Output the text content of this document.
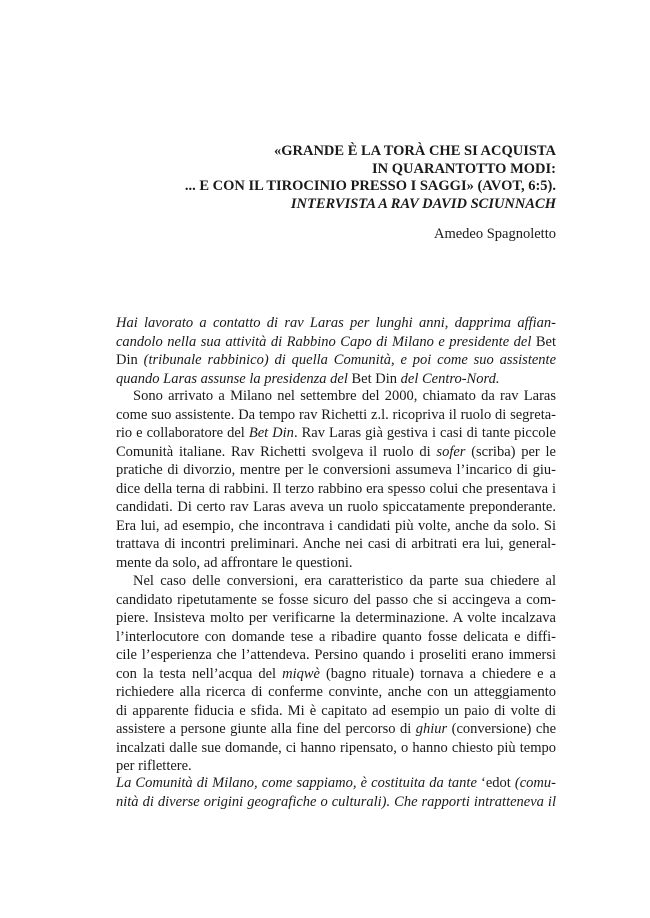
«GRANDE È LA TORÀ CHE SI ACQUISTA
IN QUARANTOTTO MODI:
... E CON IL TIROCINIO PRESSO I SAGGI» (AVOT, 6:5).
INTERVISTA A RAV DAVID SCIUNNACH
Amedeo Spagnoletto
Hai lavorato a contatto di rav Laras per lunghi anni, dapprima affian-
candolo nella sua attività di Rabbino Capo di Milano e presidente del Bet
Din (tribunale rabbinico) di quella Comunità, e poi come suo assistente
quando Laras assunse la presidenza del Bet Din del Centro-Nord.
Sono arrivato a Milano nel settembre del 2000, chiamato da rav Laras
come suo assistente. Da tempo rav Richetti z.l. ricopriva il ruolo di segreta-
rio e collaboratore del Bet Din. Rav Laras già gestiva i casi di tante piccole
Comunità italiane. Rav Richetti svolgeva il ruolo di sofer (scriba) per le
pratiche di divorzio, mentre per le conversioni assumeva l’incarico di giu-
dice della terna di rabbini. Il terzo rabbino era spesso colui che presentava i
candidati. Di certo rav Laras aveva un ruolo spiccatamente preponderante.
Era lui, ad esempio, che incontrava i candidati più volte, anche da solo. Si
trattava di incontri preliminari. Anche nei casi di arbitrati era lui, general-
mente da solo, ad affrontare le questioni.
Nel caso delle conversioni, era caratteristico da parte sua chiedere al
candidato ripetutamente se fosse sicuro del passo che si accingeva a com-
piere. Insisteva molto per verificarne la determinazione. A volte incalzava
l’interlocutore con domande tese a ribadire quanto fosse delicata e diffi-
cile l’esperienza che l’attendeva. Persino quando i proseliti erano immersi
con la testa nell’acqua del miqwè (bagno rituale) tornava a chiedere e a
richiedere alla ricerca di conferme convinte, anche con un atteggiamento
di apparente fiducia e sfida. Mi è capitato ad esempio un paio di volte di
assistere a persone giunte alla fine del percorso di ghiur (conversione) che
incalzati dalle sue domande, ci hanno ripensato, o hanno chiesto più tempo
per riflettere.
La Comunità di Milano, come sappiamo, è costituita da tante ‘edot (comu-
nità di diverse origini geografiche o culturali). Che rapporti intratteneva il
